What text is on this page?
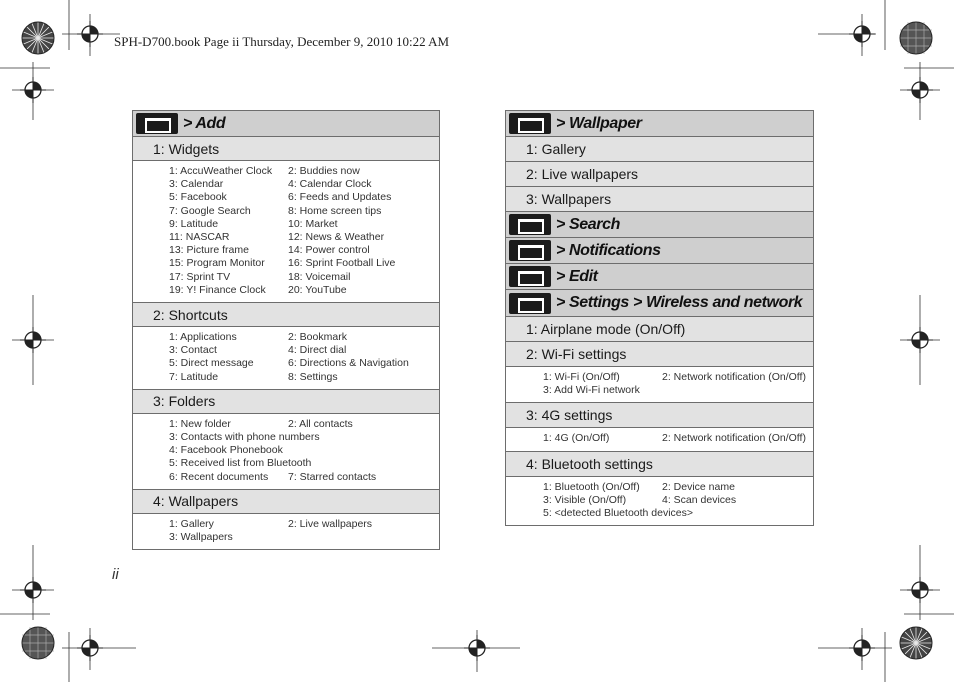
SPH-D700.book Page ii Thursday, December 9, 2010 10:22 AM
> Add
1: Widgets
1: AccuWeather Clock	2: Buddies now
3: Calendar	4: Calendar Clock
5: Facebook	6: Feeds and Updates
7: Google Search	8: Home screen tips
9: Latitude	10: Market
11: NASCAR	12: News & Weather
13: Picture frame	14: Power control
15: Program Monitor	16: Sprint Football Live
17: Sprint TV	18: Voicemail
19: Y! Finance Clock	20: YouTube
2: Shortcuts
1: Applications	2: Bookmark
3: Contact	4: Direct dial
5: Direct message	6: Directions & Navigation
7: Latitude	8: Settings
3: Folders
1: New folder	2: All contacts
3: Contacts with phone numbers
4: Facebook Phonebook
5: Received list from Bluetooth
6: Recent documents	7: Starred contacts
4: Wallpapers
1: Gallery	2: Live wallpapers
3: Wallpapers
> Wallpaper
1: Gallery
2: Live wallpapers
3: Wallpapers
> Search
> Notifications
> Edit
> Settings > Wireless and network
1: Airplane mode (On/Off)
2: Wi-Fi settings
1: Wi-Fi (On/Off)	2: Network notification (On/Off)
3: Add Wi-Fi network
3: 4G settings
1: 4G (On/Off)	2: Network notification (On/Off)
4: Bluetooth settings
1: Bluetooth (On/Off)	2: Device name
3: Visible (On/Off)	4: Scan devices
5: <detected Bluetooth devices>
ii
